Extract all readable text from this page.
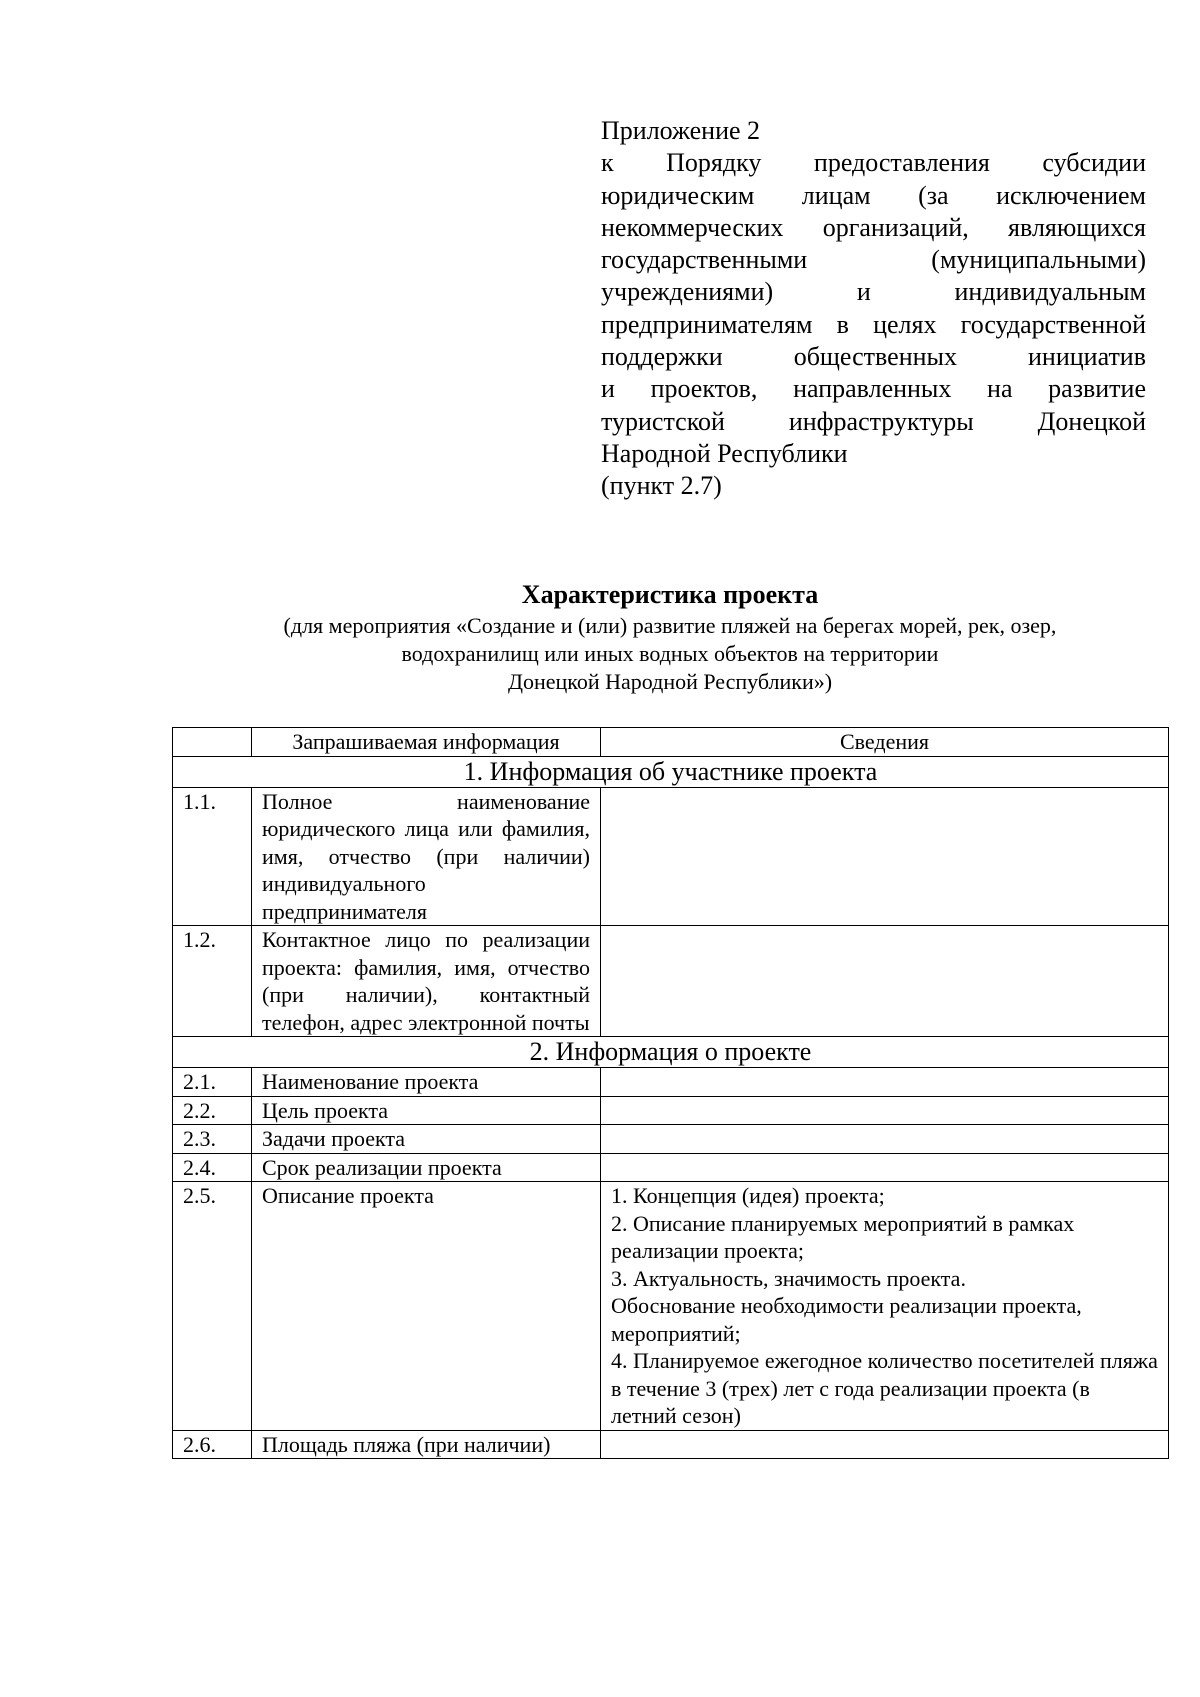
Приложение 2
к Порядку предоставления субсидии
юридическим лицам (за исключением
некоммерческих организаций, являющихся
государственными (муниципальными)
учреждениями) и индивидуальным
предпринимателям в целях государственной
поддержки общественных инициатив
и проектов, направленных на развитие
туристской инфраструктуры Донецкой
Народной Республики
(пункт 2.7)
Характеристика проекта
(для мероприятия «Создание и (или) развитие пляжей на берегах морей, рек, озер,
водохранилищ или иных водных объектов на территории
Донецкой Народной Республики»)
	Запрашиваемая информация	Сведения
1. Информация об участнике проекта		
1.1.	Полное наименование юридического лица или фамилия, имя, отчество (при наличии) индивидуального предпринимателя	
1.2.	Контактное лицо по реализации проекта: фамилия, имя, отчество (при наличии), контактный телефон, адрес электронной почты	
2. Информация о проекте		
2.1.	Наименование проекта	
2.2.	Цель проекта	
2.3.	Задачи проекта	
2.4.	Срок реализации проекта	
2.5.	Описание проекта	1. Концепция (идея) проекта;
2. Описание планируемых мероприятий в рамках реализации проекта;
3. Актуальность, значимость проекта.
Обоснование необходимости реализации проекта, мероприятий;
4. Планируемое ежегодное количество посетителей пляжа в течение 3 (трех) лет с года реализации проекта (в летний сезон)

2.6.	Площадь пляжа (при наличии)	
